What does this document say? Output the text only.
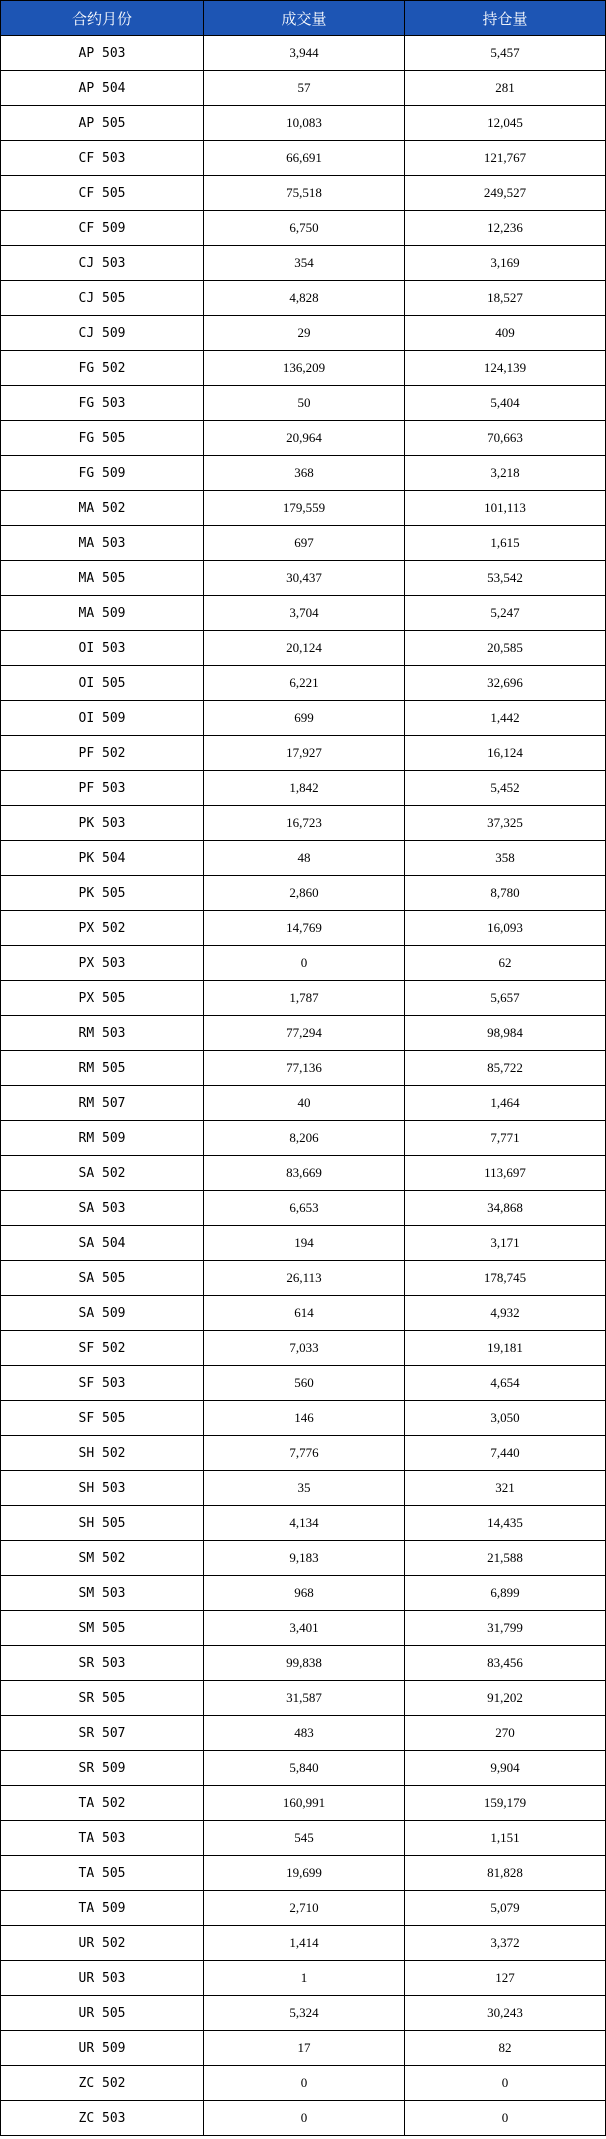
合约月份	成交量	持仓量
AP 503	3,944	5,457
AP 504	57	281
AP 505	10,083	12,045
CF 503	66,691	121,767
CF 505	75,518	249,527
CF 509	6,750	12,236
CJ 503	354	3,169
CJ 505	4,828	18,527
CJ 509	29	409
FG 502	136,209	124,139
FG 503	50	5,404
FG 505	20,964	70,663
FG 509	368	3,218
MA 502	179,559	101,113
MA 503	697	1,615
MA 505	30,437	53,542
MA 509	3,704	5,247
OI 503	20,124	20,585
OI 505	6,221	32,696
OI 509	699	1,442
PF 502	17,927	16,124
PF 503	1,842	5,452
PK 503	16,723	37,325
PK 504	48	358
PK 505	2,860	8,780
PX 502	14,769	16,093
PX 503	0	62
PX 505	1,787	5,657
RM 503	77,294	98,984
RM 505	77,136	85,722
RM 507	40	1,464
RM 509	8,206	7,771
SA 502	83,669	113,697
SA 503	6,653	34,868
SA 504	194	3,171
SA 505	26,113	178,745
SA 509	614	4,932
SF 502	7,033	19,181
SF 503	560	4,654
SF 505	146	3,050
SH 502	7,776	7,440
SH 503	35	321
SH 505	4,134	14,435
SM 502	9,183	21,588
SM 503	968	6,899
SM 505	3,401	31,799
SR 503	99,838	83,456
SR 505	31,587	91,202
SR 507	483	270
SR 509	5,840	9,904
TA 502	160,991	159,179
TA 503	545	1,151
TA 505	19,699	81,828
TA 509	2,710	5,079
UR 502	1,414	3,372
UR 503	1	127
UR 505	5,324	30,243
UR 509	17	82
ZC 502	0	0
ZC 503	0	0
